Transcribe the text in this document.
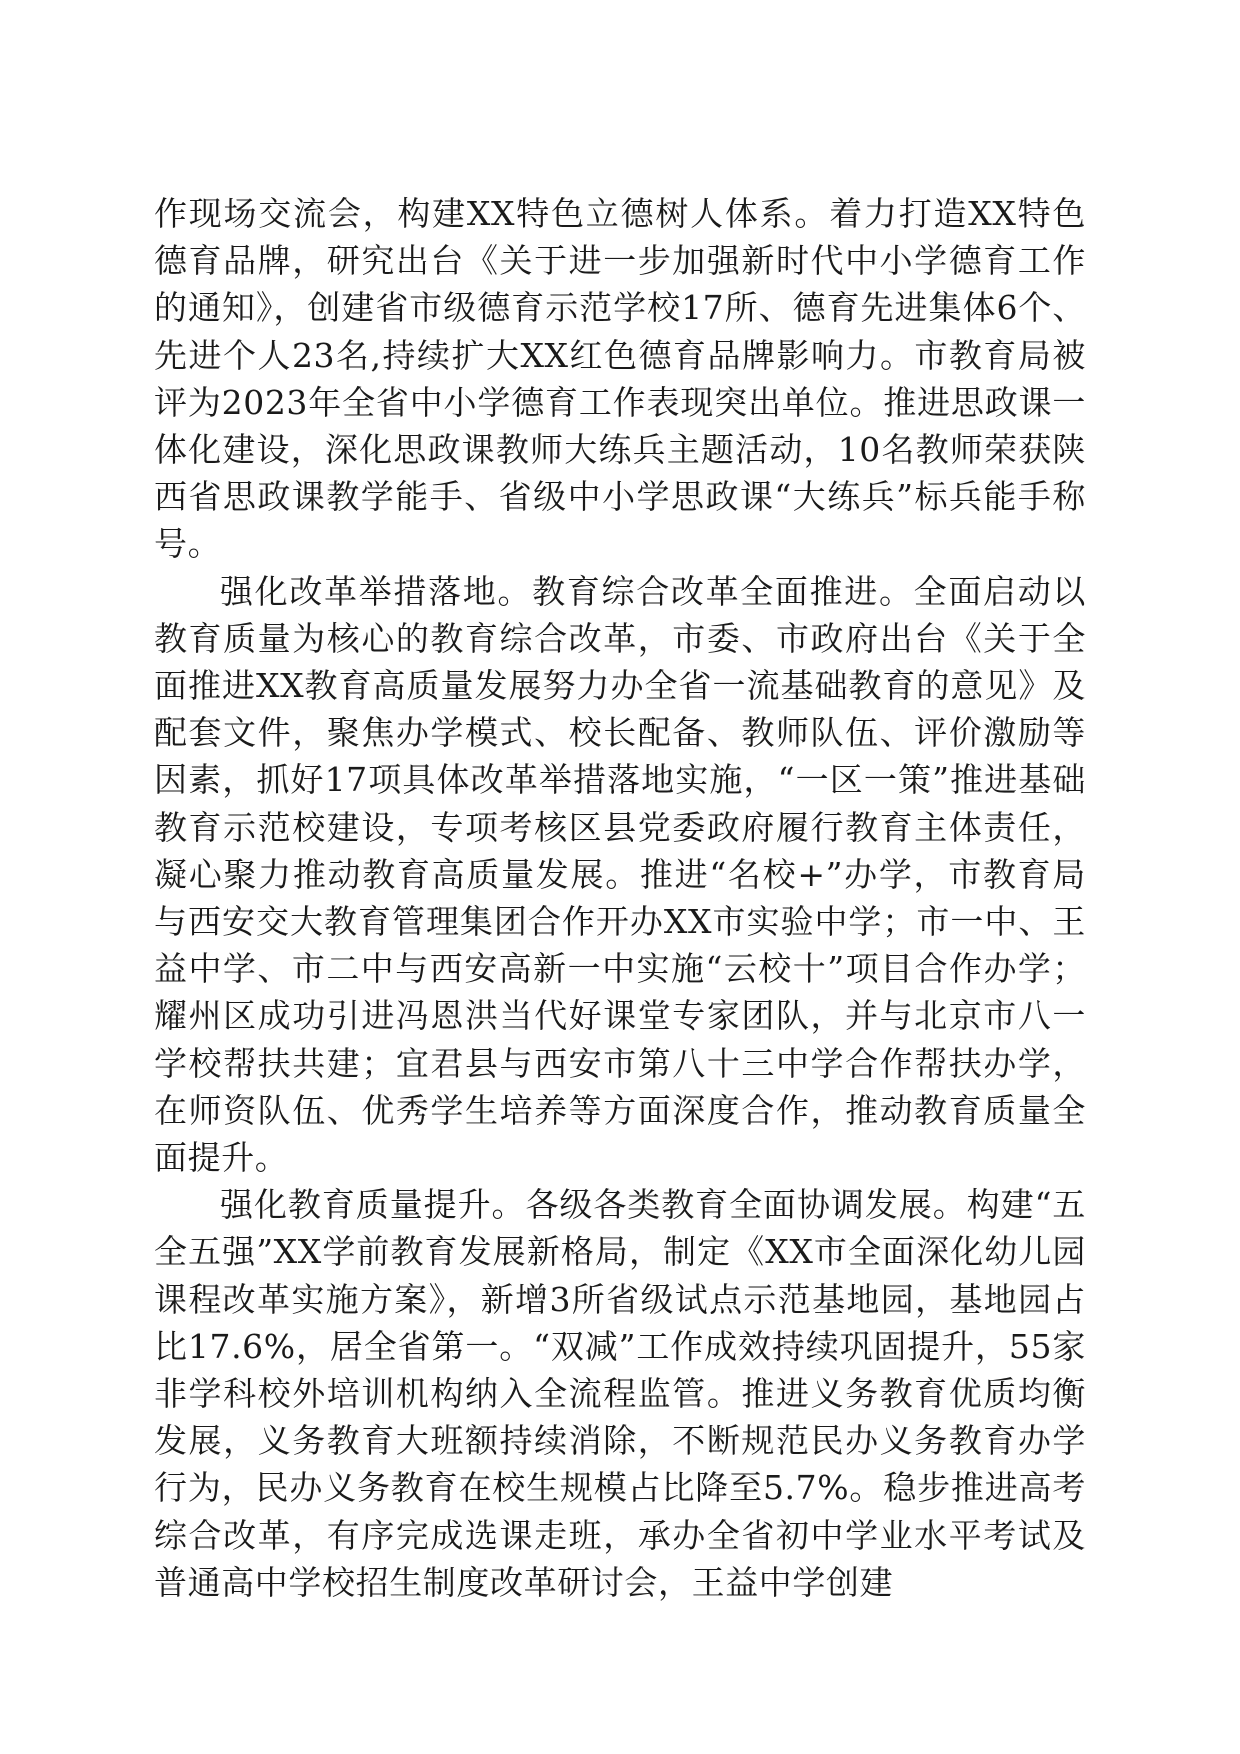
作现场交流会，构建XX特色立德树人体系。着力打造XX特色德育品牌，研究出台《关于进一步加强新时代中小学德育工作的通知》，创建省市级德育示范学校17所、德育先进集体6个、先进个人23名,持续扩大XX红色德育品牌影响力。市教育局被评为2023年全省中小学德育工作表现突出单位。推进思政课一体化建设，深化思政课教师大练兵主题活动，10名教师荣获陕西省思政课教学能手、省级中小学思政课“大练兵”标兵能手称号。

强化改革举措落地。教育综合改革全面推进。全面启动以教育质量为核心的教育综合改革，市委、市政府出台《关于全面推进XX教育高质量发展努力办全省一流基础教育的意见》及配套文件，聚焦办学模式、校长配备、教师队伍、评价激励等因素，抓好17项具体改革举措落地实施，“一区一策”推进基础教育示范校建设，专项考核区县党委政府履行教育主体责任，凝心聚力推动教育高质量发展。推进“名校+”办学，市教育局与西安交大教育管理集团合作开办XX市实验中学；市一中、王益中学、市二中与西安高新一中实施“云校十”项目合作办学；耀州区成功引进冯恩洪当代好课堂专家团队，并与北京市八一学校帮扶共建；宜君县与西安市第八十三中学合作帮扶办学，在师资队伍、优秀学生培养等方面深度合作，推动教育质量全面提升。

强化教育质量提升。各级各类教育全面协调发展。构建“五全五强”XX学前教育发展新格局，制定《XX市全面深化幼儿园课程改革实施方案》，新增3所省级试点示范基地园，基地园占比17.6%，居全省第一。“双减”工作成效持续巩固提升，55家非学科校外培训机构纳入全流程监管。推进义务教育优质均衡发展，义务教育大班额持续消除，不断规范民办义务教育办学行为，民办义务教育在校生规模占比降至5.7%。稳步推进高考综合改革，有序完成选课走班，承办全省初中学业水平考试及普通高中学校招生制度改革研讨会，王益中学创建
